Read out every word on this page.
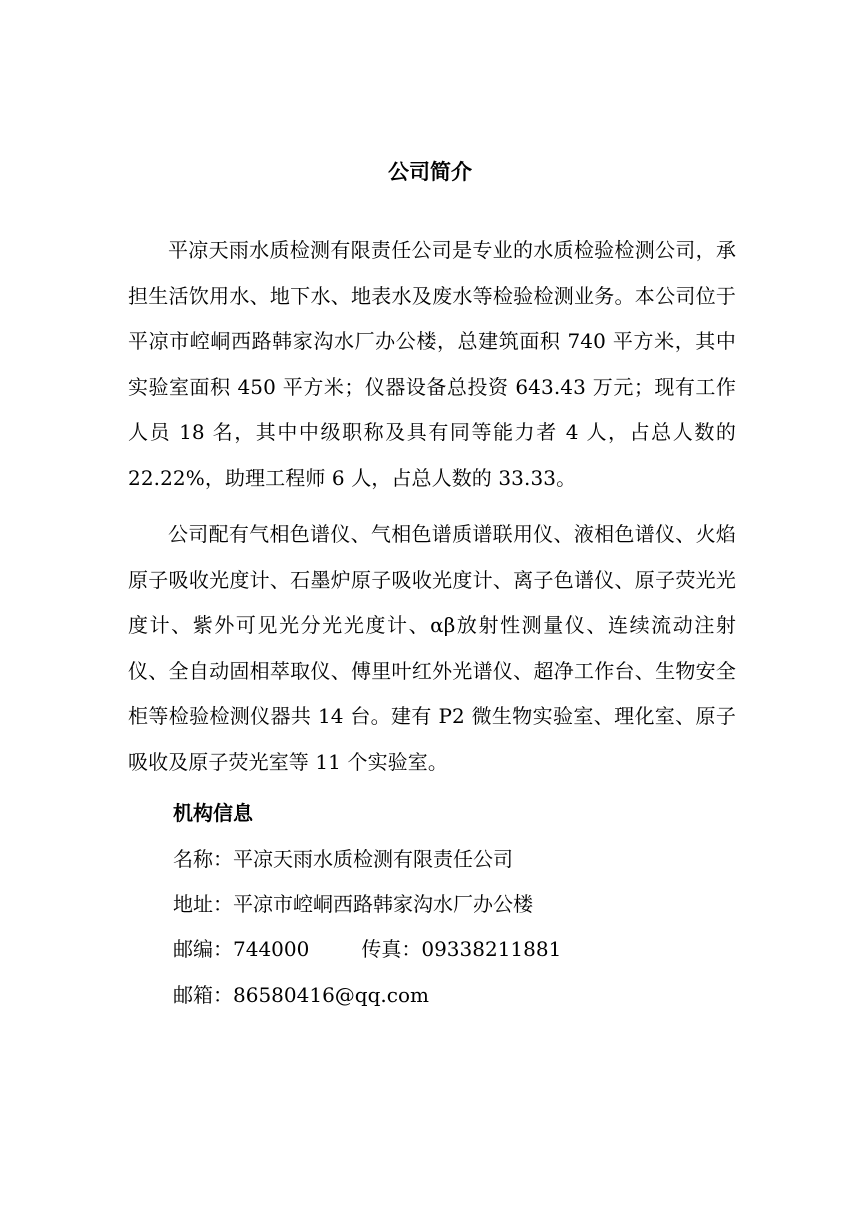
公司简介

平凉天雨水质检测有限责任公司是专业的水质检验检测公司，承担生活饮用水、地下水、地表水及废水等检验检测业务。本公司位于平凉市崆峒西路韩家沟水厂办公楼，总建筑面积 740 平方米，其中实验室面积 450 平方米；仪器设备总投资 643.43 万元；现有工作人员 18 名，其中中级职称及具有同等能力者 4 人，占总人数的 22.22%，助理工程师 6 人，占总人数的 33.33。

公司配有气相色谱仪、气相色谱质谱联用仪、液相色谱仪、火焰原子吸收光度计、石墨炉原子吸收光度计、离子色谱仪、原子荧光光度计、紫外可见光分光光度计、αβ放射性测量仪、连续流动注射仪、全自动固相萃取仪、傅里叶红外光谱仪、超净工作台、生物安全柜等检验检测仪器共 14 台。建有 P2 微生物实验室、理化室、原子吸收及原子荧光室等 11 个实验室。

机构信息

名称：平凉天雨水质检测有限责任公司

地址：平凉市崆峒西路韩家沟水厂办公楼

邮编：744000	传真：09338211881

邮箱：86580416@qq.com
